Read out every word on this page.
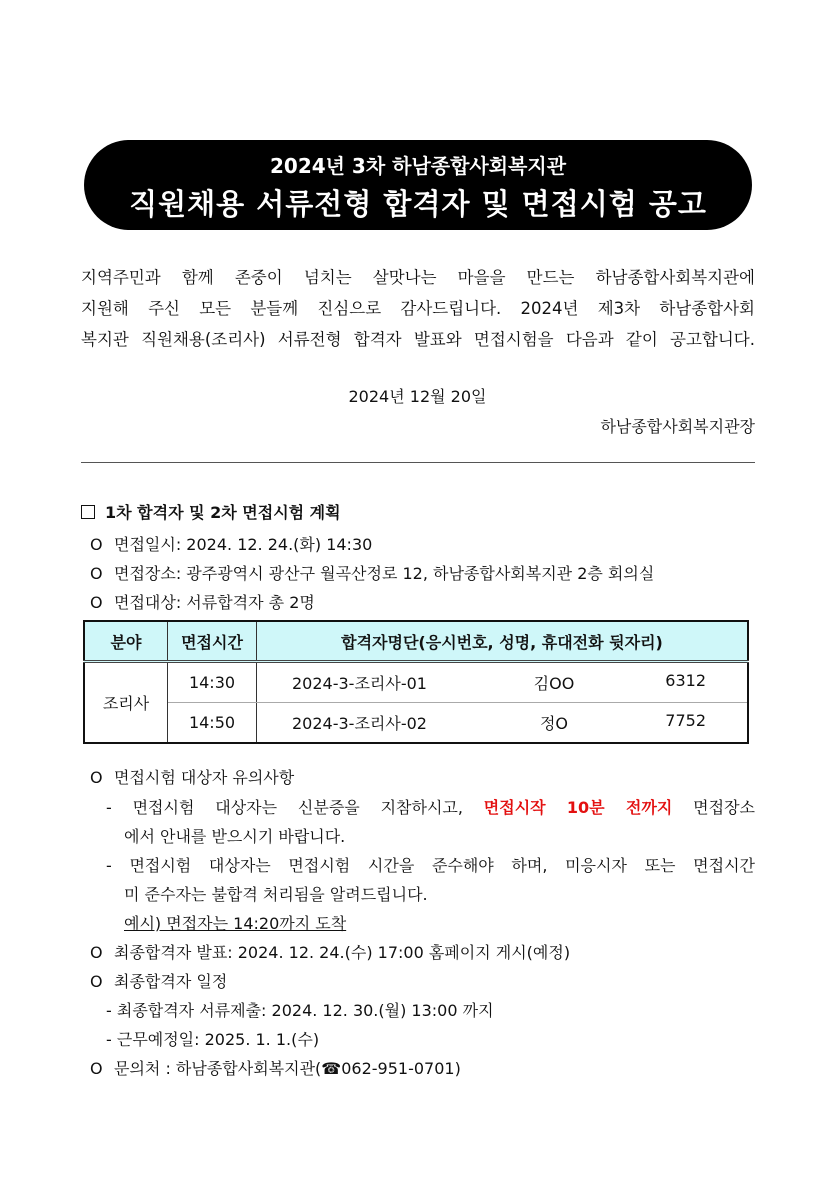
2024년 3차 하남종합사회복지관
직원채용 서류전형 합격자 및 면접시험 공고
지역주민과 함께 존중이 넘치는 살맛나는 마을을 만드는 하남종합사회복지관에
지원해 주신 모든 분들께 진심으로 감사드립니다. 2024년 제3차 하남종합사회
복지관 직원채용(조리사) 서류전형 합격자 발표와 면접시험을 다음과 같이 공고합니다.
2024년 12월 20일
하남종합사회복지관장
1차 합격자 및 2차 면접시험 계획
O 면접일시: 2024. 12. 24.(화) 14:30
O 면접장소: 광주광역시 광산구 월곡산정로 12, 하남종합사회복지관 2층 회의실
O 면접대상: 서류합격자 총 2명
분야	면접시간	합격자명단(응시번호, 성명, 휴대전화 뒷자리)
조리사	14:30	2024-3-조리사-01 김OO 6312

	14:50	2024-3-조리사-02 정O 7752
O 면접시험 대상자 유의사항
- 면접시험 대상자는 신분증을 지참하시고, 면접시작 10분 전까지 면접장소
에서 안내를 받으시기 바랍니다.
- 면접시험 대상자는 면접시험 시간을 준수해야 하며, 미응시자 또는 면접시간
미 준수자는 불합격 처리됨을 알려드립니다.
예시) 면접자는 14:20까지 도착
O 최종합격자 발표: 2024. 12. 24.(수) 17:00 홈페이지 게시(예정)
O 최종합격자 일정
- 최종합격자 서류제출: 2024. 12. 30.(월) 13:00 까지
- 근무예정일: 2025. 1. 1.(수)
O 문의처 : 하남종합사회복지관(☎062-951-0701)
